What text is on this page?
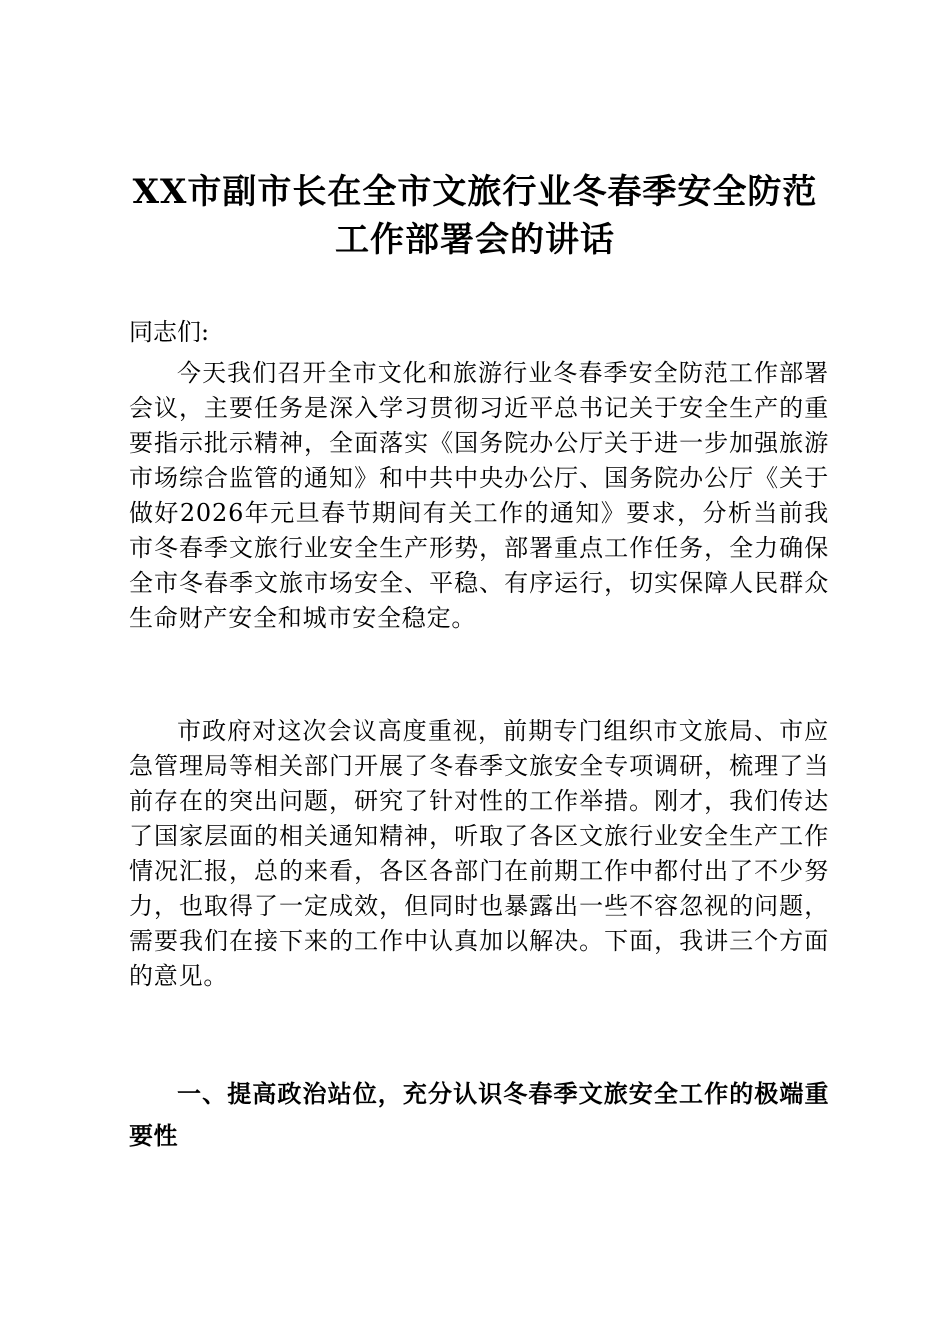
XX市副市长在全市文旅行业冬春季安全防范
工作部署会的讲话
同志们:
今天我们召开全市文化和旅游行业冬春季安全防范工作部署会议，主要任务是深入学习贯彻习近平总书记关于安全生产的重要指示批示精神，全面落实《国务院办公厅关于进一步加强旅游市场综合监管的通知》和中共中央办公厅、国务院办公厅《关于做好2026年元旦春节期间有关工作的通知》要求，分析当前我市冬春季文旅行业安全生产形势，部署重点工作任务，全力确保全市冬春季文旅市场安全、平稳、有序运行，切实保障人民群众生命财产安全和城市安全稳定。
市政府对这次会议高度重视，前期专门组织市文旅局、市应急管理局等相关部门开展了冬春季文旅安全专项调研，梳理了当前存在的突出问题，研究了针对性的工作举措。刚才，我们传达了国家层面的相关通知精神，听取了各区文旅行业安全生产工作情况汇报，总的来看，各区各部门在前期工作中都付出了不少努力，也取得了一定成效，但同时也暴露出一些不容忽视的问题，需要我们在接下来的工作中认真加以解决。下面，我讲三个方面的意见。
一、提高政治站位，充分认识冬春季文旅安全工作的极端重要性
